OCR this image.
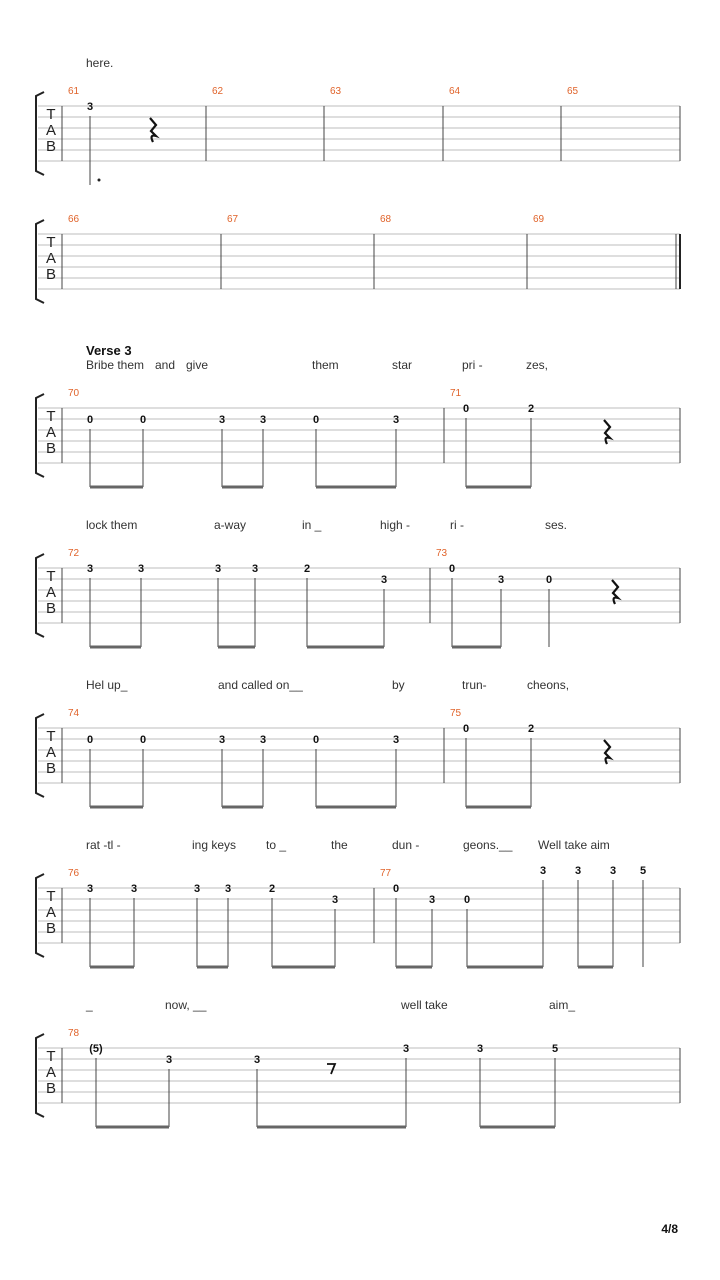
here.
T
A
B
61
3
62	63	64	65
T
A
B
66	67	68	69
Verse 3
Bribe them and give	them	star	pri -	zes,
T
A
B
70
0	0	3	3	0	3
71
0	2
lock them	a-way	in _	high -	ri -	ses.
T
A
B
72
3	3	3	3	2
3
73
0
3	0
Hel up_	and called on__	by	trun-	cheons,
T
A
B
74
0	0	3	3	0	3
75
0	2
rat -tl -	ing keys to _	the	dun -	geons.__ Well take aim
T
A
B
76
3	3	3 3	2
3
77
0
3	0
3	3	3 5
_	now, __	well take	aim_
T
A
B
78
(5)
3	3
3	3	5
4/8
